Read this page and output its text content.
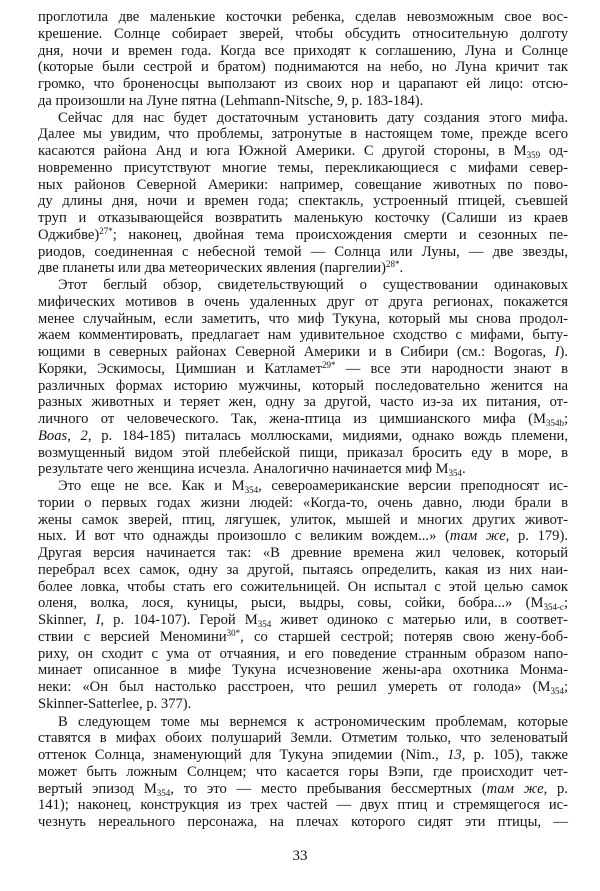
проглотила две маленькие косточки ребенка, сделав невозможным свое вос-
крешение. Солнце собирает зверей, чтобы обсудить относительную долготу
дня, ночи и времен года. Когда все приходят к соглашению, Луна и Солнце
(которые были сестрой и братом) поднимаются на небо, но Луна кричит так
громко, что броненосцы выползают из своих нор и царапают ей лицо: отсю-
да произошли на Луне пятна (Lehmann-Nitsche, 9, p. 183-184).
Сейчас для нас будет достаточным установить дату создания этого мифа.
Далее мы увидим, что проблемы, затронутые в настоящем томе, прежде всего
касаются района Анд и юга Южной Америки. С другой стороны, в $M_{359}$ од-
новременно присутствуют многие темы, перекликающиеся с мифами север-
ных районов Северной Америки: например, совещание животных по пово-
ду длины дня, ночи и времен года; спектакль, устроенный птицей, съевшей
труп и отказывающейся возвратить маленькую косточку (Салиши из краев
Оджибве)$^{27*}$; наконец, двойная тема происхождения смерти и сезонных пе-
риодов, соединенная с небесной темой — Солнца или Луны, — две звезды,
две планеты или два метеорических явления (паргелии)$^{28*}$.
Этот беглый обзор, свидетельствующий о существовании одинаковых
мифических мотивов в очень удаленных друг от друга регионах, покажется
менее случайным, если заметить, что миф Тукуна, который мы снова продол-
жаем комментировать, предлагает нам удивительное сходство с мифами, быту-
ющими в северных районах Северной Америки и в Сибири (см.: Bogoras, I).
Коряки, Эскимосы, Цимшиан и Катламет$^{29*}$ — все эти народности знают в
различных формах историю мужчины, который последовательно женится на
разных животных и теряет жен, одну за другой, часто из-за их питания, от-
личного от человеческого. Так, жена-птица из цимшианского мифа ($M_{354b}$;
Boas, 2, p. 184-185) питалась моллюсками, мидиями, однако вождь племени,
возмущенный видом этой плебейской пищи, приказал бросить еду в море, в
результате чего женщина исчезла. Аналогично начинается миф $M_{354}$.
Это еще не все. Как и $M_{354}$, североамериканские версии преподносят ис-
тории о первых годах жизни людей: «Когда-то, очень давно, люди брали в
жены самок зверей, птиц, лягушек, улиток, мышей и многих других живот-
ных. И вот что однажды произошло с великим вождем...» (там же, p. 179).
Другая версия начинается так: «В древние времена жил человек, который
перебрал всех самок, одну за другой, пытаясь определить, какая из них наи-
более ловка, чтобы стать его сожительницей. Он испытал с этой целью самок
оленя, волка, лося, куницы, рыси, выдры, совы, сойки, бобра...» ($M_{354-c}$;
Skinner, I, p. 104-107). Герой $M_{354}$ живет одиноко с матерью или, в соответ-
ствии с версией Меномини$^{30*}$, со старшей сестрой; потеряв свою жену-боб-
риху, он сходит с ума от отчаяния, и его поведение странным образом напо-
минает описанное в мифе Тукуна исчезновение жены-ара охотника Монма-
неки: «Он был настолько расстроен, что решил умереть от голода» ($M_{354}$;
Skinner-Satterlee, p. 377).
В следующем томе мы вернемся к астрономическим проблемам, которые
ставятся в мифах обоих полушарий Земли. Отметим только, что зеленоватый
оттенок Солнца, знаменующий для Тукуна эпидемии (Nim., 13, p. 105), также
может быть ложным Солнцем; что касается горы Вэпи, где происходит чет-
вертый эпизод $M_{354}$, то это — место пребывания бессмертных (там же, p.
141); наконец, конструкция из трех частей — двух птиц и стремящегося ис-
чезнуть нереального персонажа, на плечах которого сидят эти птицы, —
33
